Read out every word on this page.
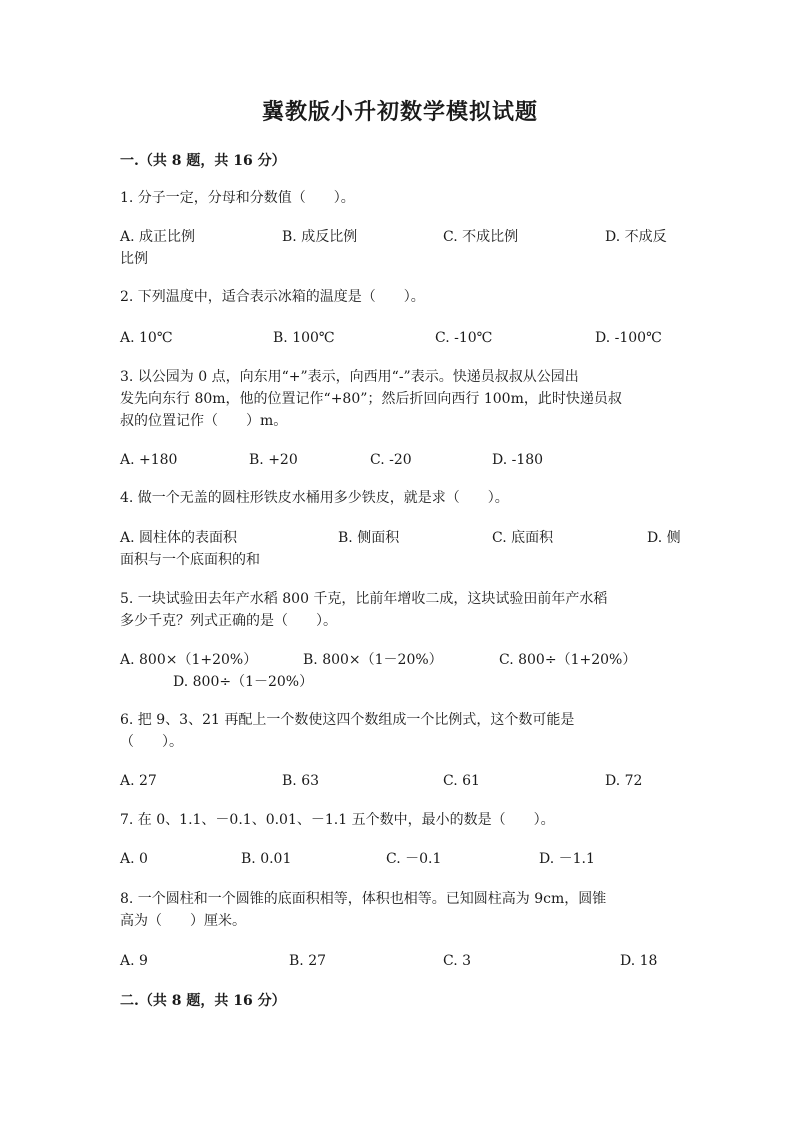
冀教版小升初数学模拟试题
一.（共 8 题，共 16 分）
1. 分子一定，分母和分数值（　　）。
A. 成正比例	B. 成反比例	C. 不成比例	D. 不成反
比例
2. 下列温度中，适合表示冰箱的温度是（　　）。
A. 10℃	B. 100℃	C. -10℃	D. -100℃
3. 以公园为 0 点，向东用“+”表示，向西用“-”表示。快递员叔叔从公园出
发先向东行 80m，他的位置记作“+80”；然后折回向西行 100m，此时快递员叔
叔的位置记作（　　）m。
A. +180	B. +20	C. -20	D. -180
4. 做一个无盖的圆柱形铁皮水桶用多少铁皮，就是求（　　）。
A. 圆柱体的表面积	B. 侧面积	C. 底面积	D. 侧
面积与一个底面积的和
5. 一块试验田去年产水稻 800 千克，比前年增收二成，这块试验田前年产水稻
多少千克？列式正确的是（　　）。
A. 800×（1+20%）	B. 800×（1－20%）	C. 800÷（1+20%）
D. 800÷（1－20%）
6. 把 9、3、21 再配上一个数使这四个数组成一个比例式，这个数可能是
（　　）。
A. 27	B. 63	C. 61	D. 72
7. 在 0、1.1、－0.1、0.01、－1.1 五个数中，最小的数是（　　）。
A. 0	B. 0.01	C. －0.1	D. －1.1
8. 一个圆柱和一个圆锥的底面积相等，体积也相等。已知圆柱高为 9cm，圆锥
高为（　　）厘米。
A. 9	B. 27	C. 3	D. 18
二.（共 8 题，共 16 分）
